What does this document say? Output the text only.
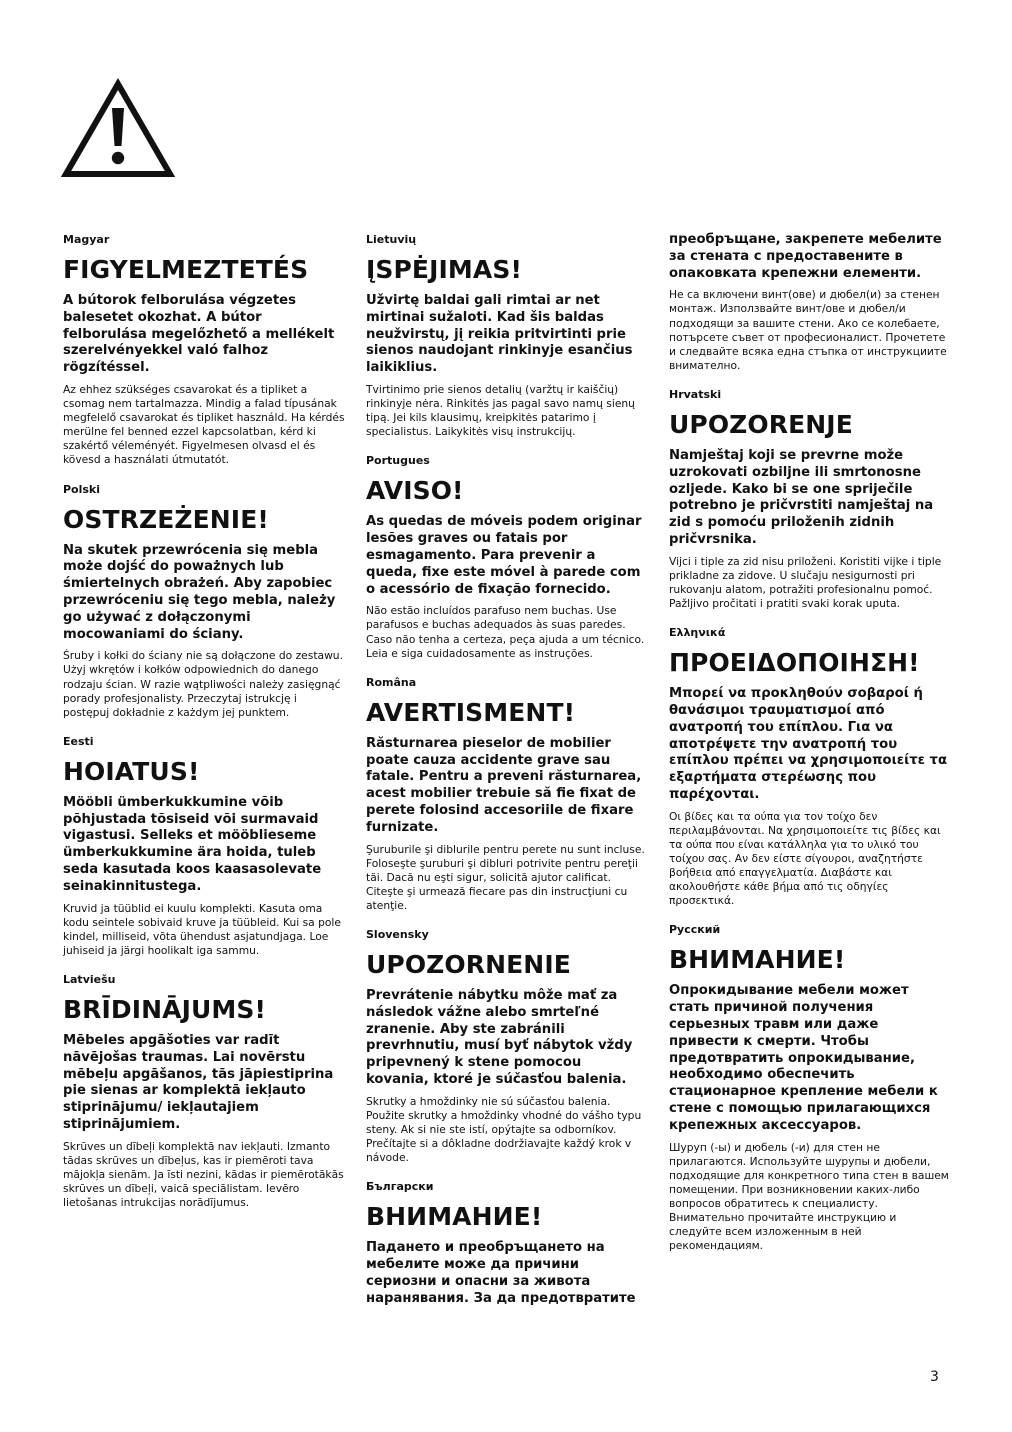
Magyar
FIGYELMEZTETÉS
A bútorok felborulása végzetes balesetet okozhat. A bútor felborulása megelőzhető a mellékelt szerelvényekkel való falhoz rögzítéssel.
Az ehhez szükséges csavarokat és a tipliket a csomag nem tartalmazza. Mindig a falad típusának megfelelő csavarokat és tipliket használd. Ha kérdés merülne fel benned ezzel kapcsolatban, kérd ki szakértő véleményét. Figyelmesen olvasd el és kövesd a használati útmutatót.
Polski
OSTRZEŻENIE!
Na skutek przewrócenia się mebla może dojść do poważnych lub śmiertelnych obrażeń. Aby zapobiec przewróceniu się tego mebla, należy go używać z dołączonymi mocowaniami do ściany.
Śruby i kołki do ściany nie są dołączone do zestawu. Użyj wkrętów i kołków odpowiednich do danego rodzaju ścian. W razie wątpliwości należy zasięgnąć porady profesjonalisty. Przeczytaj istrukcję i postępuj dokładnie z każdym jej punktem.
Eesti
HOIATUS!
Mööbli ümberkukkumine võib põhjustada tõsiseid või surmavaid vigastusi. Selleks et mööblieseme ümberkukkumine ära hoida, tuleb seda kasutada koos kaasasolevate seinakinnitustega.
Kruvid ja tüüblid ei kuulu komplekti. Kasuta oma kodu seintele sobivaid kruve ja tüübleid. Kui sa pole kindel, milliseid, võta ühendust asjatundjaga. Loe juhiseid ja järgi hoolikalt iga sammu.
Latviešu
BRĪDINĀJUMS!
Mēbeles apgāšoties var radīt nāvējošas traumas. Lai novērstu mēbeļu apgāšanos, tās jāpiestiprina pie sienas ar komplektā iekļauto stiprinājumu/ iekļautajiem stiprinājumiem.
Skrūves un dībeļi komplektā nav iekļauti. Izmanto tādas skrūves un dībeļus, kas ir piemēroti tava mājokļa sienām. Ja īsti nezini, kādas ir piemērotākās skrūves un dībeļi, vaicā speciālistam. Ievēro lietošanas intrukcijas norādījumus.
Lietuvių
ĮSPĖJIMAS!
Užvirtę baldai gali rimtai ar net mirtinai sužaloti. Kad šis baldas neužvirstų, jį reikia pritvirtinti prie sienos naudojant rinkinyje esančius laikiklius.
Tvirtinimo prie sienos detalių (varžtų ir kaiščių) rinkinyje nėra. Rinkitės jas pagal savo namų sienų tipą. Jei kils klausimų, kreipkitės patarimo į specialistus. Laikykitės visų instrukcijų.
Portugues
AVISO!
As quedas de móveis podem originar lesões graves ou fatais por esmagamento. Para prevenir a queda, fixe este móvel à parede com o acessório de fixação fornecido.
Não estão incluídos parafuso nem buchas. Use parafusos e buchas adequados às suas paredes. Caso não tenha a certeza, peça ajuda a um técnico. Leia e siga cuidadosamente as instruções.
Româna
AVERTISMENT!
Răsturnarea pieselor de mobilier poate cauza accidente grave sau fatale. Pentru a preveni răsturnarea, acest mobilier trebuie să fie fixat de perete folosind accesoriile de fixare furnizate.
Şuruburile şi diblurile pentru perete nu sunt incluse. Foloseşte şuruburi şi dibluri potrivite pentru pereţii tăi. Dacă nu eşti sigur, solicită ajutor calificat. Citeşte şi urmează fiecare pas din instrucţiuni cu atenţie.
Slovensky
UPOZORNENIE
Prevrátenie nábytku môže mať za následok vážne alebo smrteľné zranenie. Aby ste zabránili prevrhnutiu, musí byť nábytok vždy pripevnený k stene pomocou kovania, ktoré je súčasťou balenia.
Skrutky a hmoždinky nie sú súčasťou balenia. Použite skrutky a hmoždinky vhodné do vášho typu steny. Ak si nie ste istí, opýtajte sa odborníkov. Prečítajte si a dôkladne dodržiavajte každý krok v návode.
Български
ВНИМАНИЕ!
Падането и преобръщането на мебелите може да причини сериозни и опасни за живота наранявания. За да предотвратите
преобръщане, закрепете мебелите за стената с предоставените в опаковката крепежни елементи.
Не са включени винт(ове) и дюбел(и) за стенен монтаж. Използвайте винт/ове и дюбел/и подходящи за вашите стени. Ако се колебаете, потърсете съвет от професионалист. Прочетете и следвайте всяка една стъпка от инструкциите внимателно.
Hrvatski
UPOZORENJE
Namještaj koji se prevrne može uzrokovati ozbiljne ili smrtonosne ozljede. Kako bi se one spriječile potrebno je pričvrstiti namještaj na zid s pomoću priloženih zidnih pričvrsnika.
Vijci i tiple za zid nisu priloženi. Koristiti vijke i tiple prikladne za zidove. U slučaju nesigurnosti pri rukovanju alatom, potražiti profesionalnu pomoć. Pažljivo pročitati i pratiti svaki korak uputa.
Ελληνικά
ΠΡΟΕΙΔΟΠΟΙΗΣΗ!
Μπορεί να προκληθούν σοβαροί ή θανάσιμοι τραυματισμοί από ανατροπή του επίπλου. Για να αποτρέψετε την ανατροπή του επίπλου πρέπει να χρησιμοποιείτε τα εξαρτήματα στερέωσης που παρέχονται.
Οι βίδες και τα ούπα για τον τοίχο δεν περιλαμβάνονται. Να χρησιμοποιείτε τις βίδες και τα ούπα που είναι κατάλληλα για το υλικό του τοίχου σας. Αν δεν είστε σίγουροι, αναζητήστε βοήθεια από επαγγελματία. Διαβάστε και ακολουθήστε κάθε βήμα από τις οδηγίες προσεκτικά.
Русский
ВНИМАНИЕ!
Опрокидывание мебели может стать причиной получения серьезных травм или даже привести к смерти. Чтобы предотвратить опрокидывание, необходимо обеспечить стационарное крепление мебели к стене с помощью прилагающихся крепежных аксессуаров.
Шуруп (-ы) и дюбель (-и) для стен не прилагаются. Используйте шурупы и дюбели, подходящие для конкретного типа стен в вашем помещении. При возникновении каких-либо вопросов обратитесь к специалисту. Внимательно прочитайте инструкцию и следуйте всем изложенным в ней рекомендациям.
3
